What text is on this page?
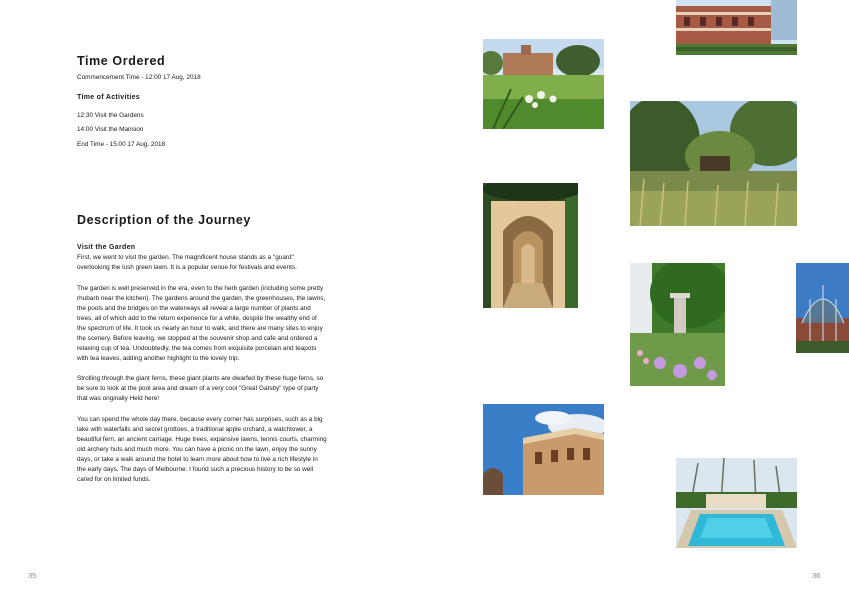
Time Ordered
Commencement Time - 12:00 17 Aug, 2018
Time of Activities
12:30 Visit the Gardens
14:00 Visit the Mansion
End Time - 15:00 17 Aug, 2018
Description of the Journey
Visit the Garden
First, we went to visit the garden. The magnificent house stands as a "guard" overlooking the lush green lawn. It is a popular venue for festivals and events.
The garden is well preserved in the era, even to the herb garden (including some pretty rhubarb near the kitchen). The gardens around the garden, the greenhouses, the lawns, the pools and the bridges on the waterways all reveal a large number of plants and trees, all of which add to the return experience for a while, despite the wealthy end of the spectrum of life. It took us nearly an hour to walk, and there are many sites to enjoy the scenery. Before leaving, we stopped at the souvenir shop and cafe and ordered a relaxing cup of tea. Undoubtedly, the tea comes from exquisite porcelain and teapots with tea leaves, adding another highlight to the lovely trip.
Strolling through the giant ferns, these giant plants are dwarfed by these huge ferns, so be sure to look at the pool area and dream of a very cool "Great Gatsby" type of party that was originally Held here!
You can spend the whole day there, because every corner has surprises, such as a big lake with waterfalls and secret grottoes, a traditional apple orchard, a watchtower, a beautiful fern, an ancient carriage. Huge trees, expansive lawns, tennis courts, charming old archery huts and much more. You can have a picnic on the lawn, enjoy the sunny days, or take a walk around the hotel to learn more about how to live a rich lifestyle in the early days. The days of Melbourne. I found such a precious history to be so well cared for on limited funds.
35	36
